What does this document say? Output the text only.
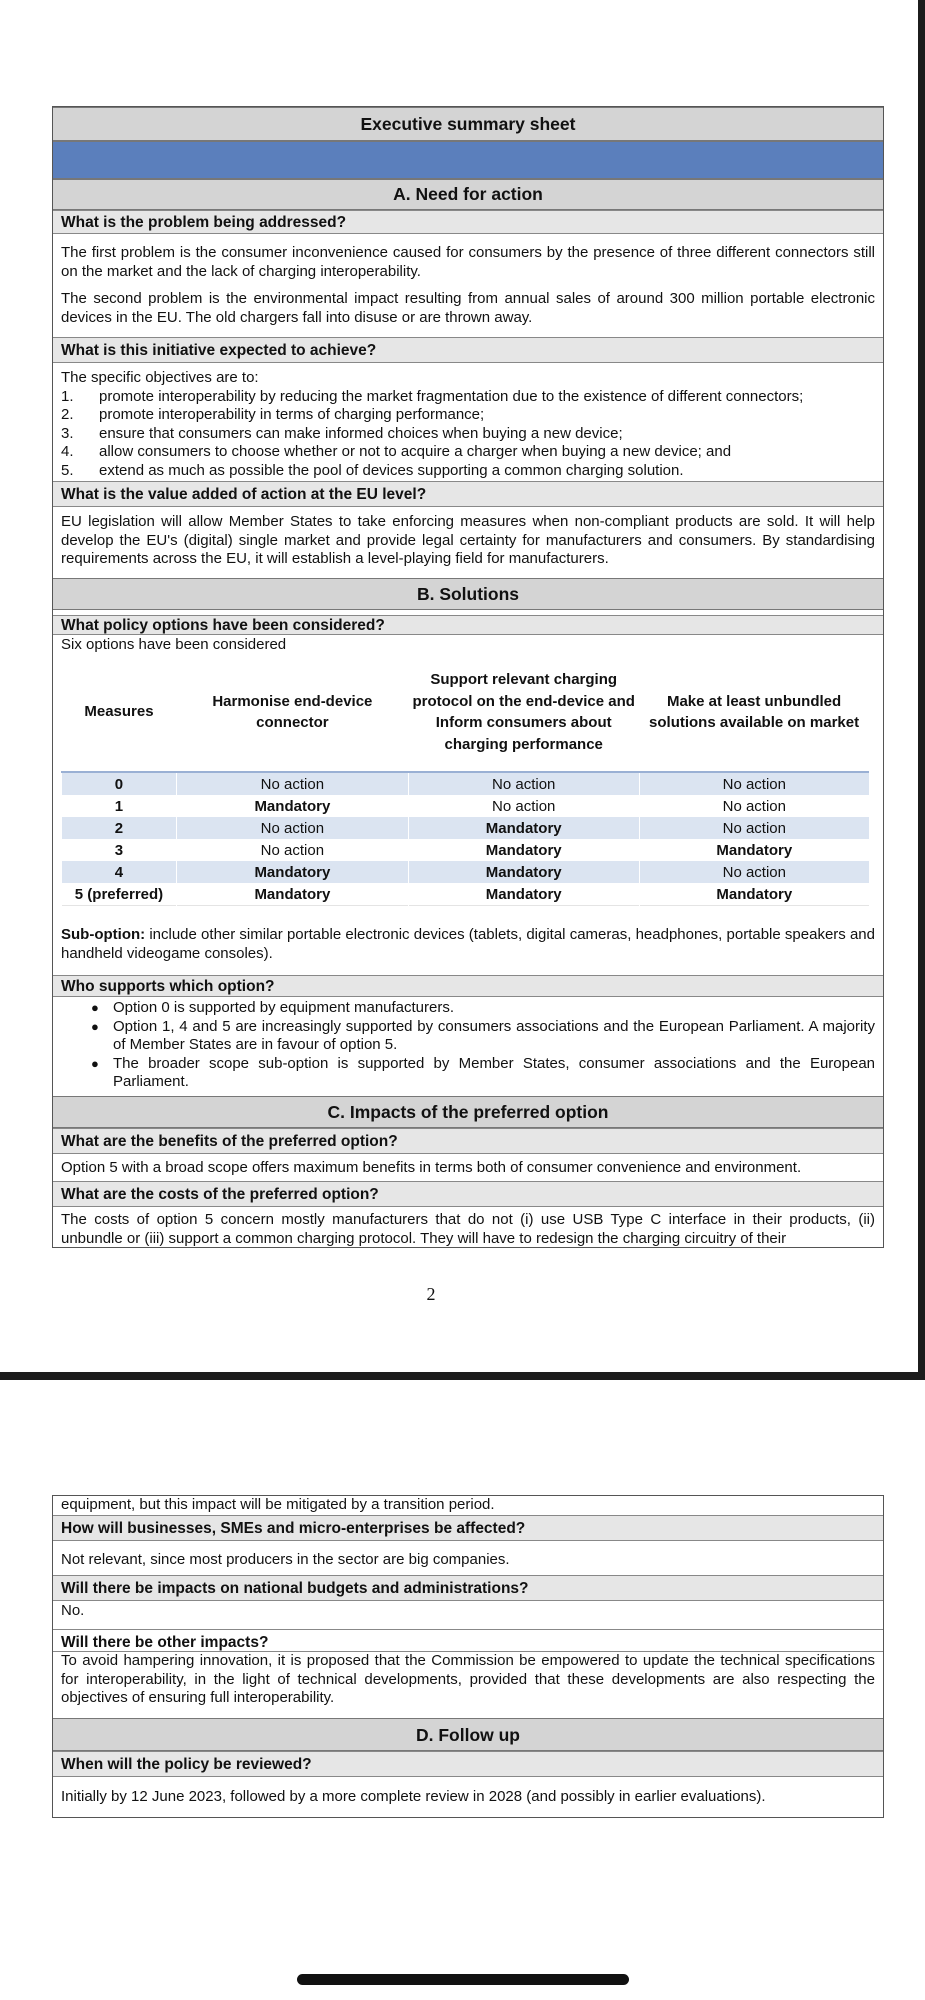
Executive summary sheet
A. Need for action
What is the problem being addressed?

The first problem is the consumer inconvenience caused for consumers by the presence of three different connectors still on the market and the lack of charging interoperability.

The second problem is the environmental impact resulting from annual sales of around 300 million portable electronic devices in the EU. The old chargers fall into disuse or are thrown away.

What is this initiative expected to achieve?
The specific objectives are to:
1. promote interoperability by reducing the market fragmentation due to the existence of different connectors;
2. promote interoperability in terms of charging performance;
3. ensure that consumers can make informed choices when buying a new device;
4. allow consumers to choose whether or not to acquire a charger when buying a new device; and
5. extend as much as possible the pool of devices supporting a common charging solution.
What is the value added of action at the EU level?
EU legislation will allow Member States to take enforcing measures when non-compliant products are sold. It will help develop the EU's (digital) single market and provide legal certainty for manufacturers and consumers. By standardising requirements across the EU, it will establish a level-playing field for manufacturers.
B. Solutions
What policy options have been considered?
Six options have been considered
Measures	Harmonise end-device connector	Support relevant charging protocol on the end-device and Inform consumers about charging performance	Make at least unbundled solutions available on market
0	No action	No action	No action
1	Mandatory	No action	No action
2	No action	Mandatory	No action
3	No action	Mandatory	Mandatory
4	Mandatory	Mandatory	No action
5 (preferred)	Mandatory	Mandatory	Mandatory
Sub-option: include other similar portable electronic devices (tablets, digital cameras, headphones, portable speakers and handheld videogame consoles).
Who supports which option?
● Option 0 is supported by equipment manufacturers.
● Option 1, 4 and 5 are increasingly supported by consumers associations and the European Parliament. A majority of Member States are in favour of option 5.
● The broader scope sub-option is supported by Member States, consumer associations and the European Parliament.
C. Impacts of the preferred option
What are the benefits of the preferred option?
Option 5 with a broad scope offers maximum benefits in terms both of consumer convenience and environment.
What are the costs of the preferred option?
The costs of option 5 concern mostly manufacturers that do not (i) use USB Type C interface in their products, (ii) unbundle or (iii) support a common charging protocol. They will have to redesign the charging circuitry of their
2
equipment, but this impact will be mitigated by a transition period.
How will businesses, SMEs and micro-enterprises be affected?
Not relevant, since most producers in the sector are big companies.
Will there be impacts on national budgets and administrations?
No.
Will there be other impacts?
To avoid hampering innovation, it is proposed that the Commission be empowered to update the technical specifications for interoperability, in the light of technical developments, provided that these developments are also respecting the objectives of ensuring full interoperability.
D. Follow up
When will the policy be reviewed?
Initially by 12 June 2023, followed by a more complete review in 2028 (and possibly in earlier evaluations).
